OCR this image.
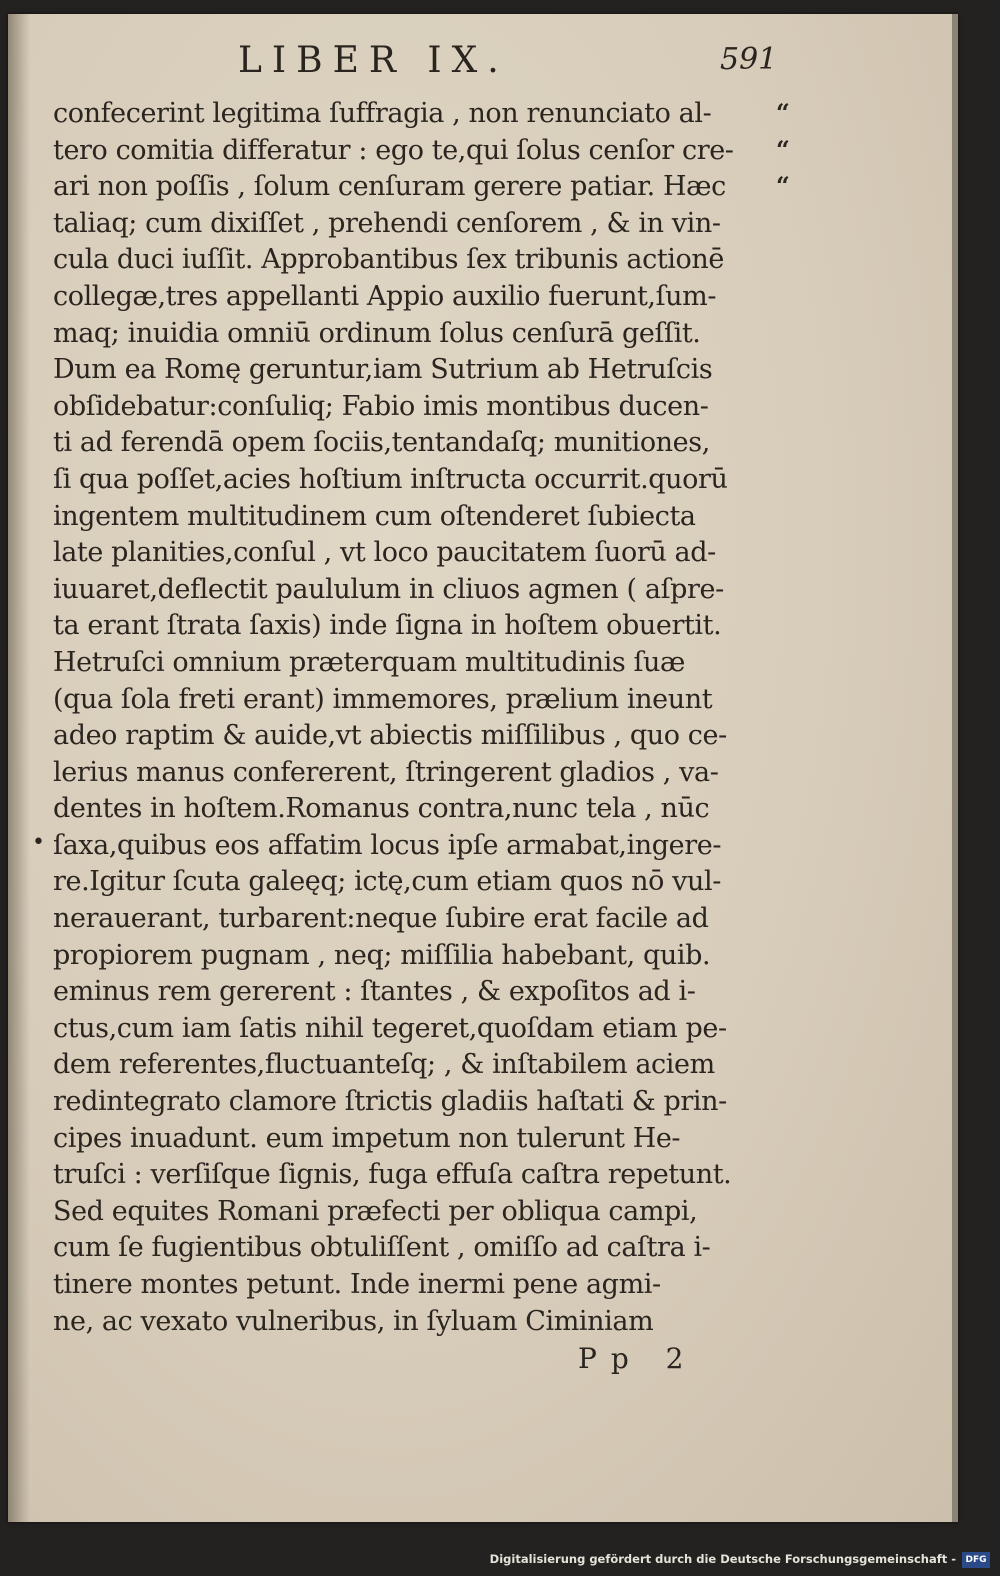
LIBER IX.	591
“
“
“
•
confecerint legitima ſuffragia , non renunciato al-
tero comitia differatur : ego te,qui ſolus cenſor cre-
ari non poſſis , ſolum cenſuram gerere patiar. Hæc
taliaq; cum dixiſſet , prehendi cenſorem , & in vin-
cula duci iuſſit. Approbantibus ſex tribunis actionē
collegæ,tres appellanti Appio auxilio fuerunt,ſum-
maq; inuidia omniū ordinum ſolus cenſurā geſſit.
Dum ea Romę geruntur,iam Sutrium ab Hetruſcis
obſidebatur:conſuliq; Fabio imis montibus ducen-
ti ad ferendā opem ſociis,tentandaſq; munitiones,
ſi qua poſſet,acies hoſtium inſtructa occurrit.quorū
ingentem multitudinem cum oſtenderet ſubiecta
late planities,conſul , vt loco paucitatem ſuorū ad-
iuuaret,deflectit paululum in cliuos agmen ( aſpre-
ta erant ſtrata ſaxis) inde ſigna in hoſtem obuertit.
Hetruſci omnium præterquam multitudinis ſuæ
(qua ſola freti erant) immemores, prælium ineunt
adeo raptim & auide,vt abiectis miſſilibus , quo ce-
lerius manus confererent, ſtringerent gladios , va-
dentes in hoſtem.Romanus contra,nunc tela , nūc
ſaxa,quibus eos affatim locus ipſe armabat,ingere-
re.Igitur ſcuta galeęq; ictę,cum etiam quos nō vul-
nerauerant, turbarent:neque ſubire erat facile ad
propiorem pugnam , neq; miſſilia habebant, quib.
eminus rem gererent : ſtantes , & expoſitos ad i-
ctus,cum iam ſatis nihil tegeret,quoſdam etiam pe-
dem referentes,fluctuanteſq; , & inſtabilem aciem
redintegrato clamore ſtrictis gladiis haſtati & prin-
cipes inuadunt. eum impetum non tulerunt He-
truſci : verſiſque ſignis, fuga effuſa caſtra repetunt.
Sed equites Romani præfecti per obliqua campi,
cum ſe fugientibus obtuliſſent , omiſſo ad caſtra i-
tinere montes petunt. Inde inermi pene agmi-
ne, ac vexato vulneribus, in ſyluam Ciminiam
Pp 2
Digitalisierung gefördert durch die Deutsche Forschungsgemeinschaft -	DFG
